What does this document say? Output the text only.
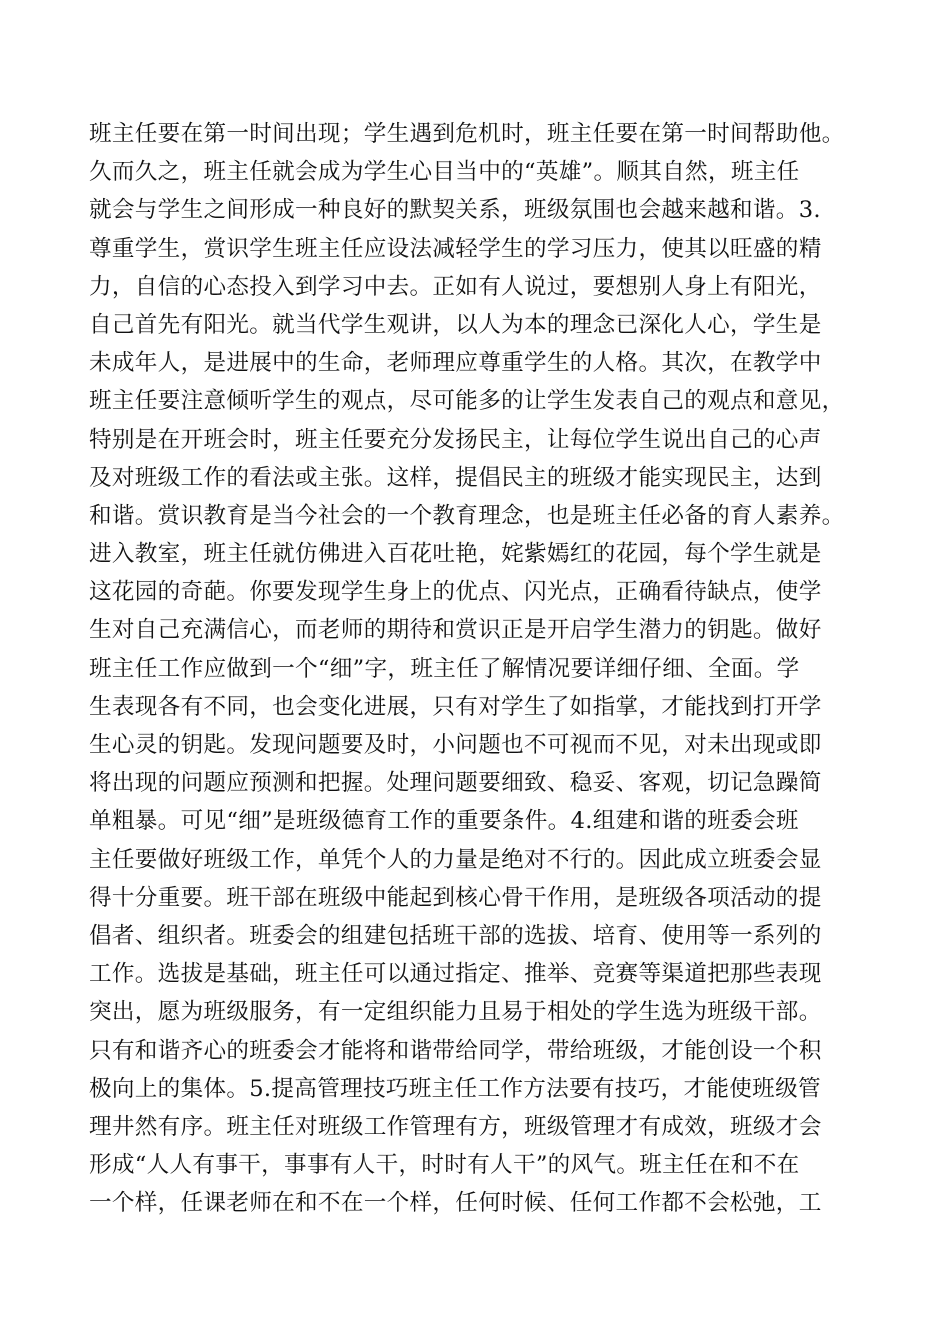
班主任要在第一时间出现；学生遇到危机时，班主任要在第一时间帮助他。
久而久之，班主任就会成为学生心目当中的“英雄”。顺其自然，班主任
就会与学生之间形成一种良好的默契关系，班级氛围也会越来越和谐。3.
尊重学生，赏识学生班主任应设法减轻学生的学习压力，使其以旺盛的精
力，自信的心态投入到学习中去。正如有人说过，要想别人身上有阳光，
自己首先有阳光。就当代学生观讲，以人为本的理念已深化人心，学生是
未成年人，是进展中的生命，老师理应尊重学生的人格。其次，在教学中
班主任要注意倾听学生的观点，尽可能多的让学生发表自己的观点和意见，
特别是在开班会时，班主任要充分发扬民主，让每位学生说出自己的心声
及对班级工作的看法或主张。这样，提倡民主的班级才能实现民主，达到
和谐。赏识教育是当今社会的一个教育理念，也是班主任必备的育人素养。
进入教室，班主任就仿佛进入百花吐艳，姹紫嫣红的花园，每个学生就是
这花园的奇葩。你要发现学生身上的优点、闪光点，正确看待缺点，使学
生对自己充满信心，而老师的期待和赏识正是开启学生潜力的钥匙。做好
班主任工作应做到一个“细”字，班主任了解情况要详细仔细、全面。学
生表现各有不同，也会变化进展，只有对学生了如指掌，才能找到打开学
生心灵的钥匙。发现问题要及时，小问题也不可视而不见，对未出现或即
将出现的问题应预测和把握。处理问题要细致、稳妥、客观，切记急躁简
单粗暴。可见“细”是班级德育工作的重要条件。4.组建和谐的班委会班
主任要做好班级工作，单凭个人的力量是绝对不行的。因此成立班委会显
得十分重要。班干部在班级中能起到核心骨干作用，是班级各项活动的提
倡者、组织者。班委会的组建包括班干部的选拔、培育、使用等一系列的
工作。选拔是基础，班主任可以通过指定、推举、竞赛等渠道把那些表现
突出，愿为班级服务，有一定组织能力且易于相处的学生选为班级干部。
只有和谐齐心的班委会才能将和谐带给同学，带给班级，才能创设一个积
极向上的集体。5.提高管理技巧班主任工作方法要有技巧，才能使班级管
理井然有序。班主任对班级工作管理有方，班级管理才有成效，班级才会
形成“人人有事干，事事有人干，时时有人干”的风气。班主任在和不在
一个样，任课老师在和不在一个样，任何时候、任何工作都不会松弛，工
